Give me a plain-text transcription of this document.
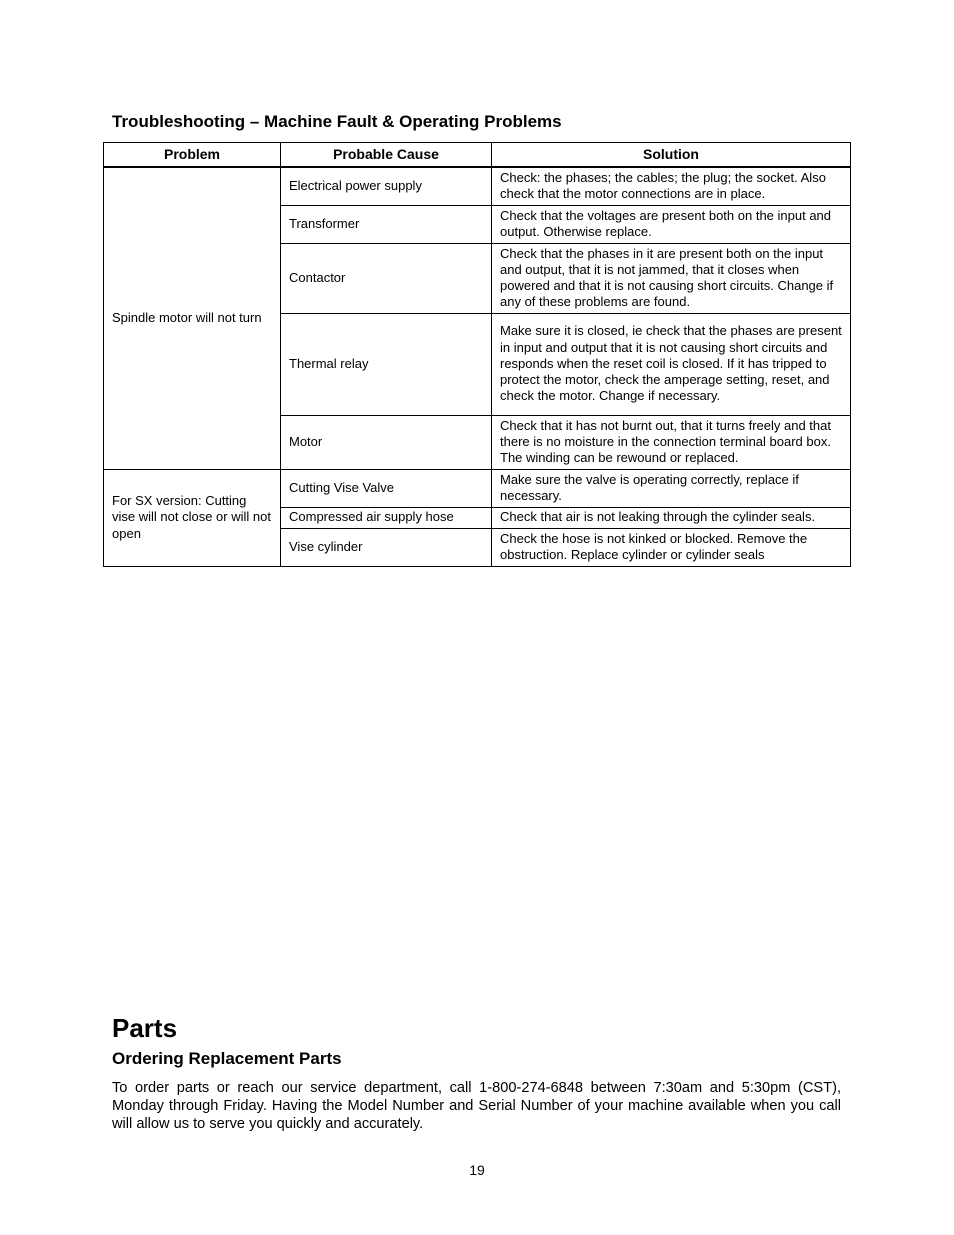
Troubleshooting – Machine Fault & Operating Problems
Problem	Probable Cause	Solution
Spindle motor will not turn	Electrical power supply	Check: the phases; the cables; the plug; the socket. Also check that the motor connections are in place.
	Transformer	Check that the voltages are present both on the input and output. Otherwise replace.
	Contactor	Check that the phases in it are present both on the input and output, that it is not jammed, that it closes when powered and that it is not causing short circuits. Change if any of these problems are found.
	Thermal relay	Make sure it is closed, ie check that the phases are present in input and output that it is not causing short circuits and responds when the reset coil is closed. If it has tripped to protect the motor, check the amperage setting, reset, and check the motor. Change if necessary.
	Motor	Check that it has not burnt out, that it turns freely and that there is no moisture in the connection terminal board box. The winding can be rewound or replaced.
For SX version: Cutting vise will not close or will not open	Cutting Vise Valve	Make sure the valve is operating correctly, replace if necessary.
	Compressed air supply hose	Check that air is not leaking through the cylinder seals.
	Vise cylinder	Check the hose is not kinked or blocked. Remove the obstruction. Replace cylinder or cylinder seals
Parts
Ordering Replacement Parts
To order parts or reach our service department, call 1-800-274-6848 between 7:30am and 5:30pm (CST), Monday through Friday. Having the Model Number and Serial Number of your machine available when you call will allow us to serve you quickly and accurately.
19
